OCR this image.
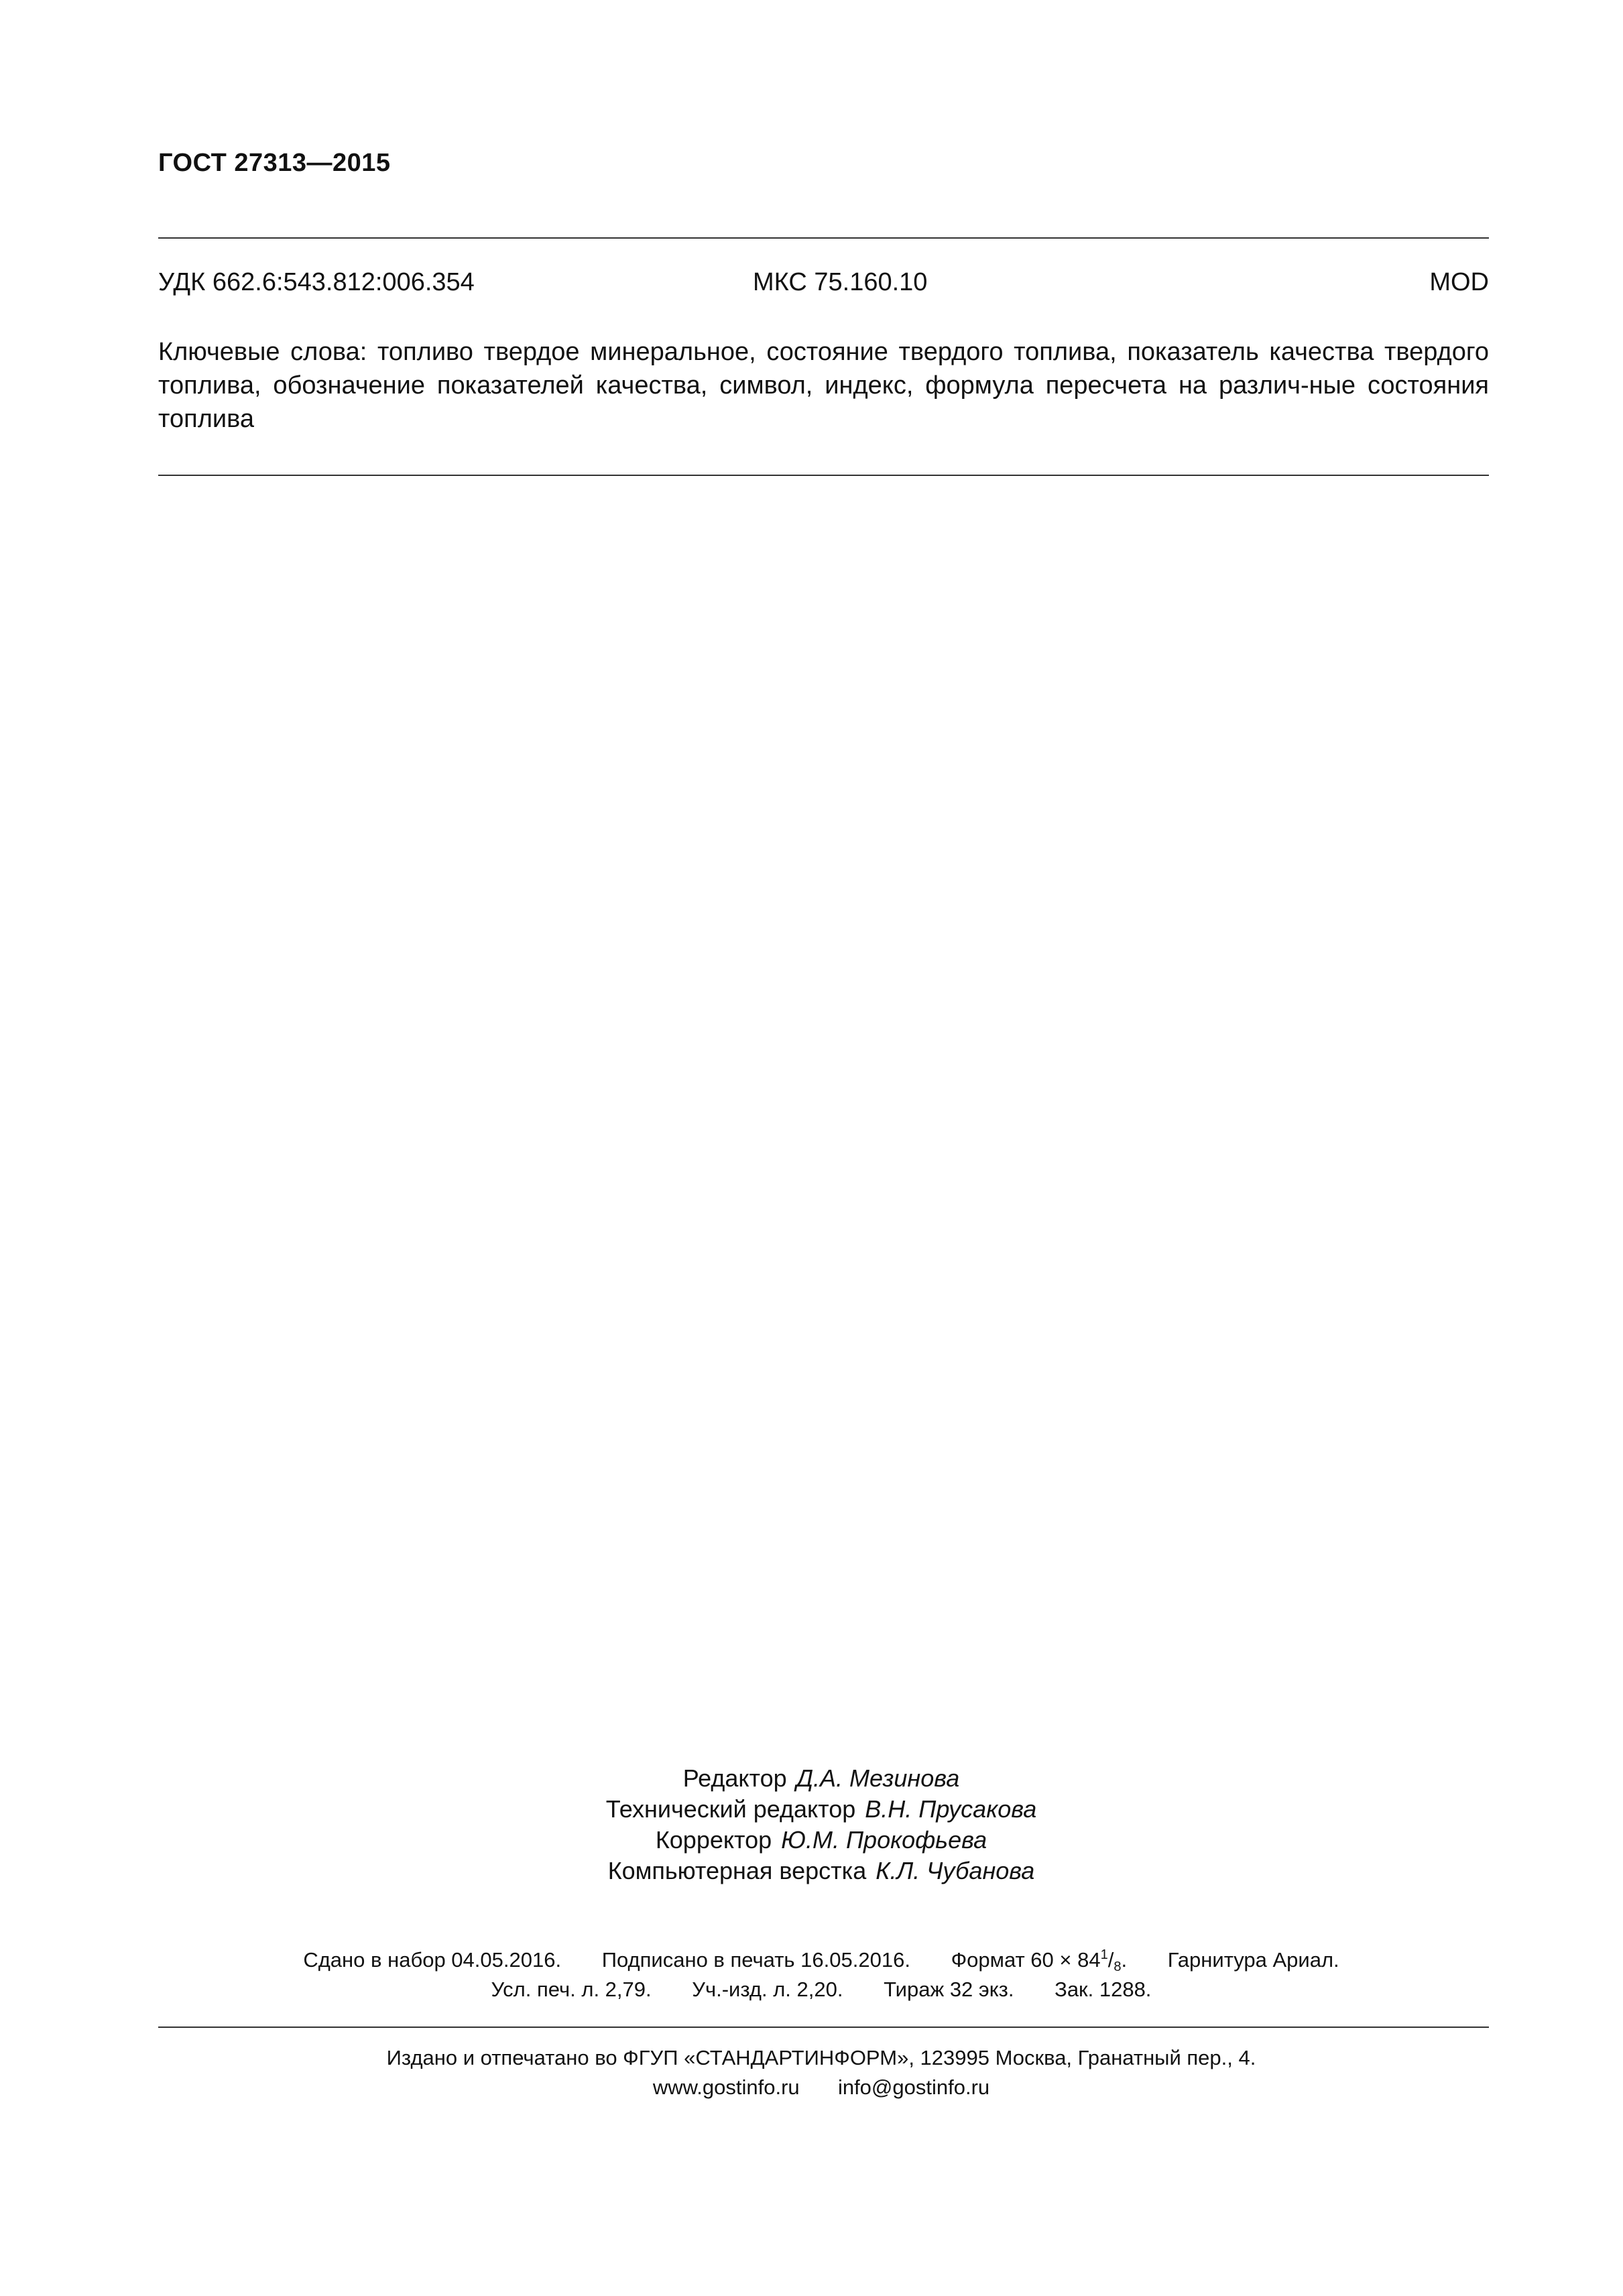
ГОСТ 27313—2015
УДК 662.6:543.812:006.354	МКС 75.160.10	MOD
Ключевые слова: топливо твердое минеральное, состояние твердого топлива, показатель качества твердого топлива, обозначение показателей качества, символ, индекс, формула пересчета на различ-ные состояния топлива
Редактор Д.А. Мезинова
Технический редактор В.Н. Прусакова
Корректор Ю.М. Прокофьева
Компьютерная верстка К.Л. Чубанова
Сдано в набор 04.05.2016. Подписано в печать 16.05.2016. Формат $60 \times 84^1/_8$. Гарнитура Ариал.
Усл. печ. л. 2,79. Уч.-изд. л. 2,20. Тираж 32 экз. Зак. 1288.
Издано и отпечатано во ФГУП «СТАНДАРТИНФОРМ», 123995 Москва, Гранатный пер., 4.
www.gostinfo.ru info@gostinfo.ru
